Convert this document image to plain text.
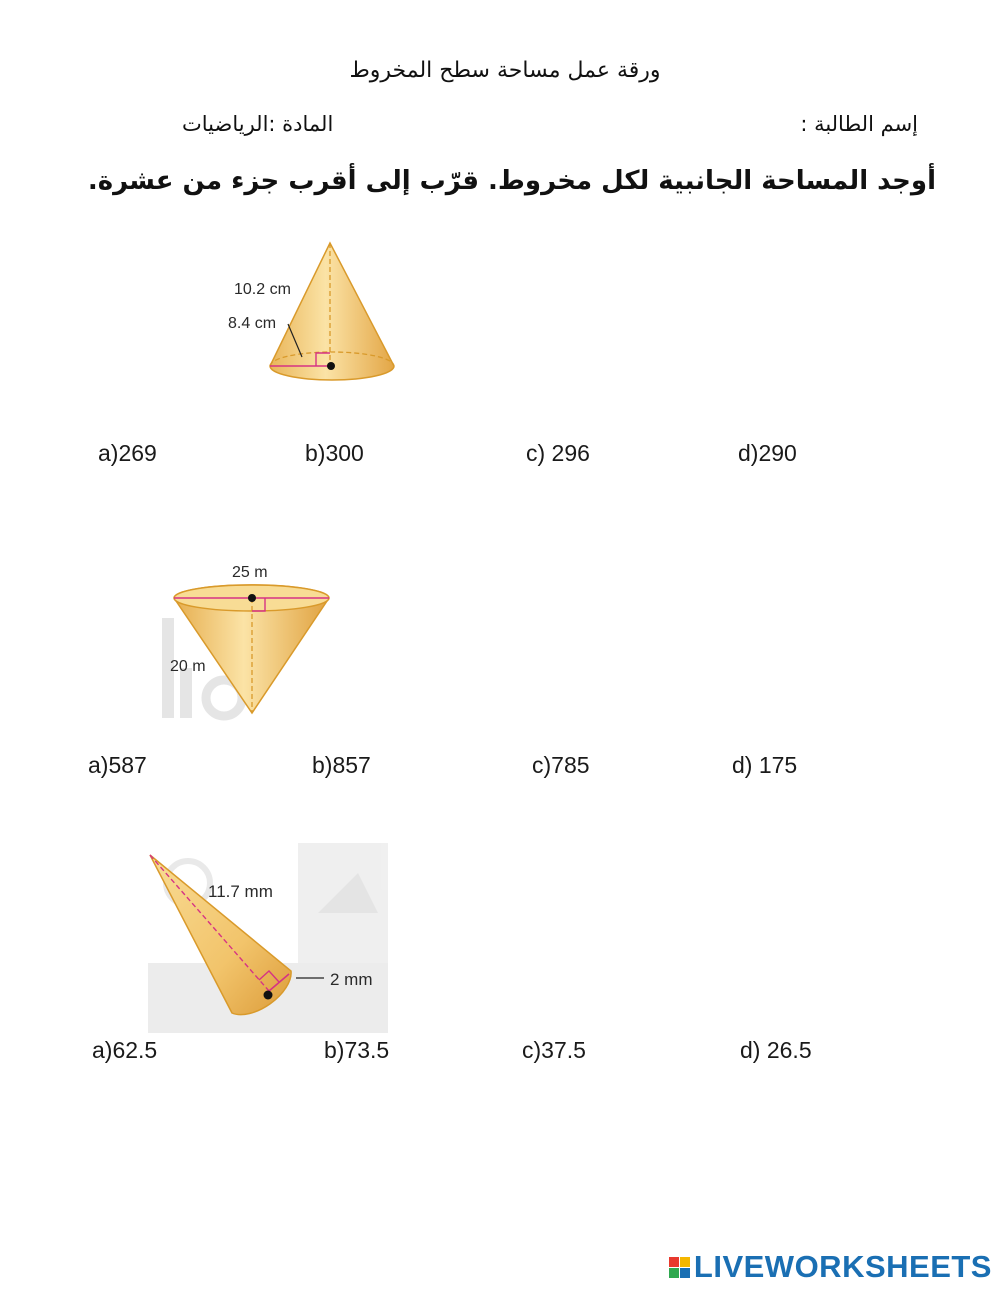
ورقة عمل مساحة سطح المخروط
إسم الطالبة :
المادة :الرياضيات
أوجد المساحة الجانبية لكل مخروط. قرّب إلى أقرب جزء من عشرة.
10.2 cm
8.4 cm
a)269	b)300	c) 296	d)290
25 m
20 m
a)587	b)857	c)785	d) 175
11.7 mm
2 mm
a)62.5	b)73.5	c)37.5	d) 26.5
LIVEWORKSHEETS
